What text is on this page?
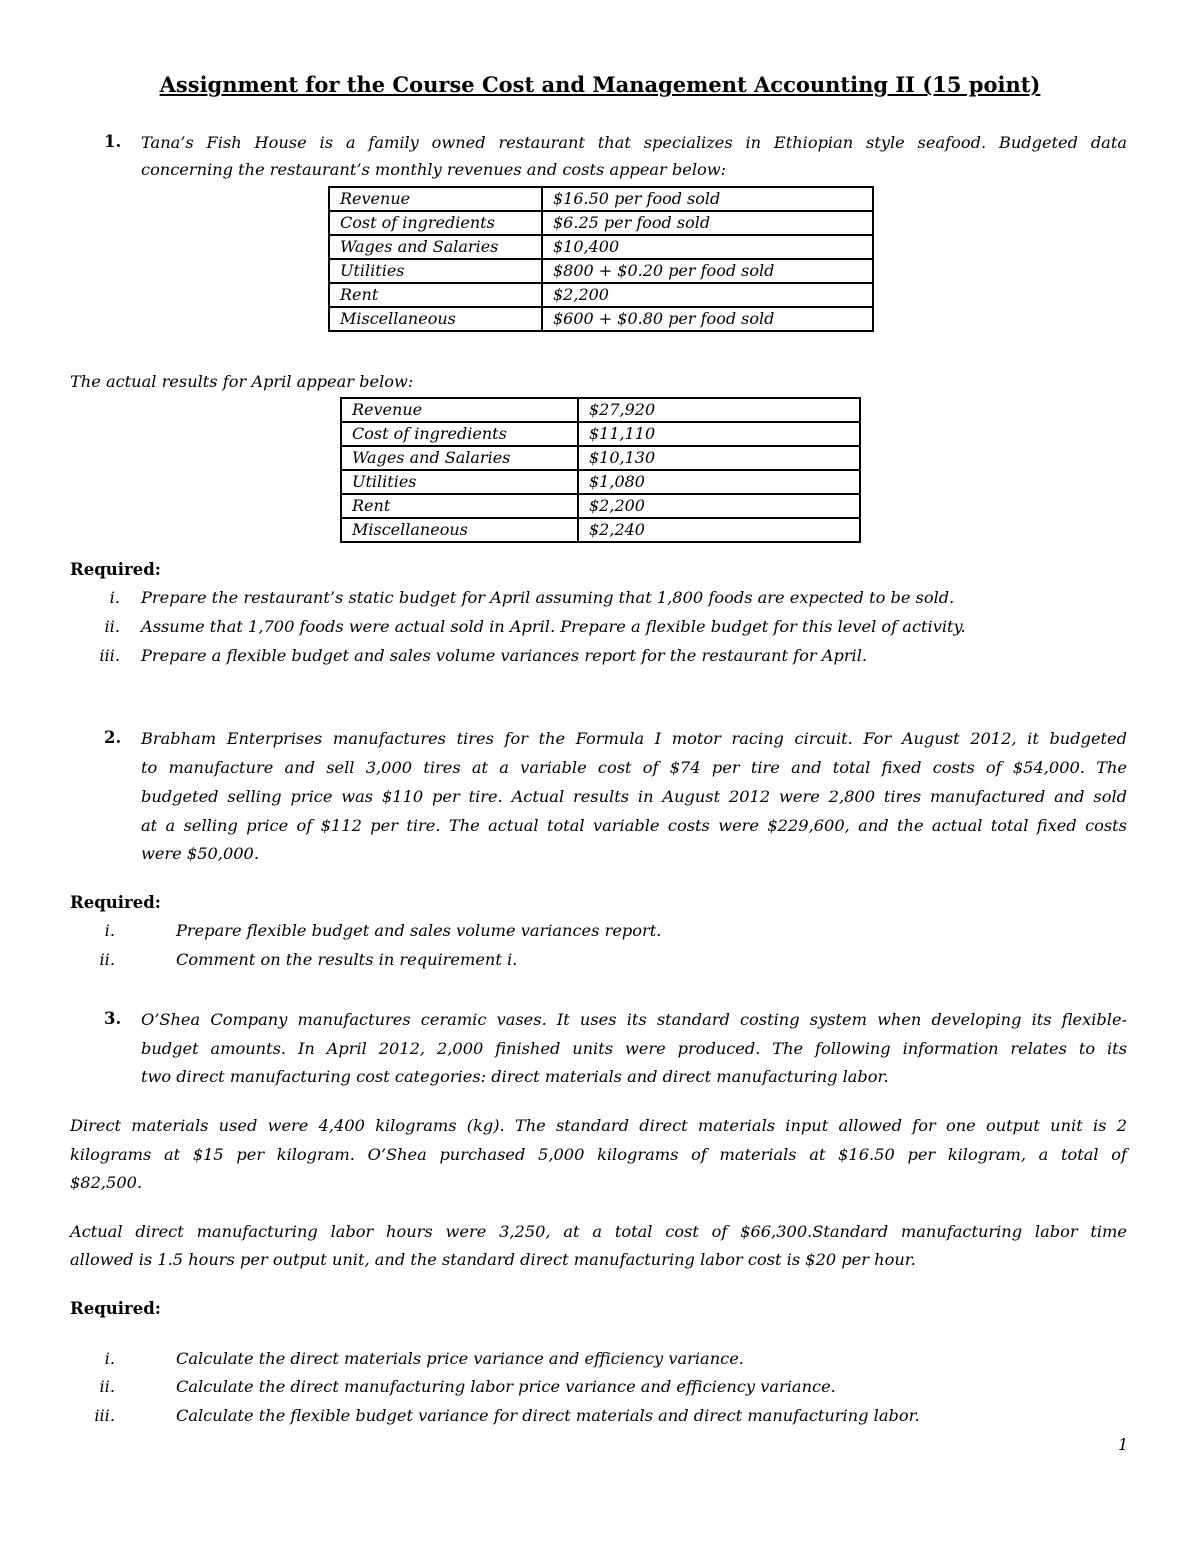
Assignment for the Course Cost and Management Accounting II (15 point)
1. Tana’s Fish House is a family owned restaurant that specializes in Ethiopian style seafood. Budgeted data
concerning the restaurant’s monthly revenues and costs appear below:
Revenue	$16.50 per food sold
Cost of ingredients	$6.25 per food sold
Wages and Salaries	$10,400
Utilities	$800 + $0.20 per food sold
Rent	$2,200
Miscellaneous	$600 + $0.80 per food sold
The actual results for April appear below:
Revenue	$27,920
Cost of ingredients	$11,110
Wages and Salaries	$10,130
Utilities	$1,080
Rent	$2,200
Miscellaneous	$2,240
Required:
i. Prepare the restaurant’s static budget for April assuming that 1,800 foods are expected to be sold.
ii. Assume that 1,700 foods were actual sold in April. Prepare a flexible budget for this level of activity.
iii. Prepare a flexible budget and sales volume variances report for the restaurant for April.
2. Brabham Enterprises manufactures tires for the Formula I motor racing circuit. For August 2012, it budgeted
to manufacture and sell 3,000 tires at a variable cost of $74 per tire and total fixed costs of $54,000. The
budgeted selling price was $110 per tire. Actual results in August 2012 were 2,800 tires manufactured and sold
at a selling price of $112 per tire. The actual total variable costs were $229,600, and the actual total fixed costs
were $50,000.
Required:
i.	Prepare flexible budget and sales volume variances report.
ii.	Comment on the results in requirement i.
3. O’Shea Company manufactures ceramic vases. It uses its standard costing system when developing its flexible-
budget amounts. In April 2012, 2,000 finished units were produced. The following information relates to its
two direct manufacturing cost categories: direct materials and direct manufacturing labor.
Direct materials used were 4,400 kilograms (kg). The standard direct materials input allowed for one output unit is 2
kilograms at $15 per kilogram. O’Shea purchased 5,000 kilograms of materials at $16.50 per kilogram, a total of
$82,500.
Actual direct manufacturing labor hours were 3,250, at a total cost of $66,300.Standard manufacturing labor time
allowed is 1.5 hours per output unit, and the standard direct manufacturing labor cost is $20 per hour.
Required:
i.	Calculate the direct materials price variance and efficiency variance.
ii.	Calculate the direct manufacturing labor price variance and efficiency variance.
iii.	Calculate the flexible budget variance for direct materials and direct manufacturing labor.
1
